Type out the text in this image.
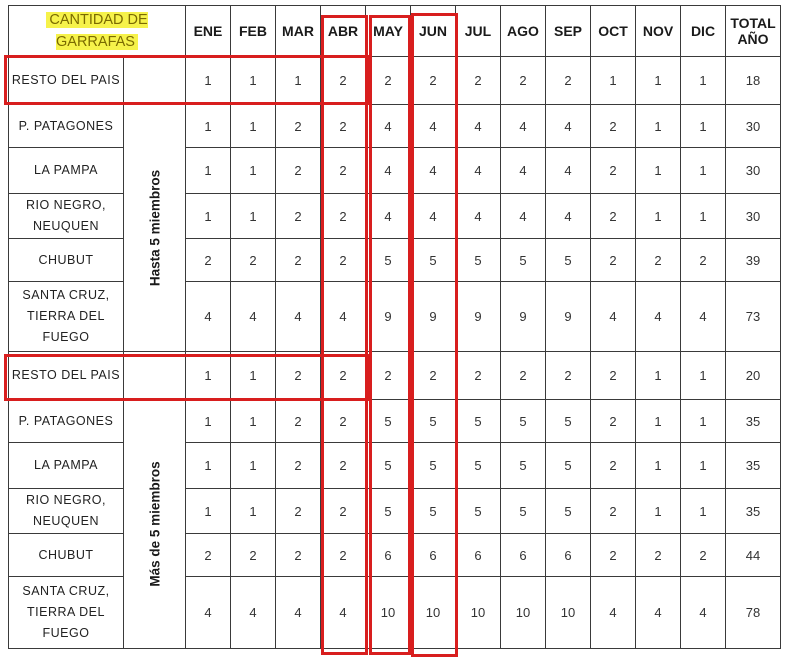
CANTIDAD DE GARRAFAS		ENE	FEB	MAR	ABR	MAY	JUN	JUL	AGO	SEP	OCT	NOV	DIC	TOTAL AÑO
RESTO DEL PAIS		1	1	1	2	2	2	2	2	2	1	1	1	18
P. PATAGONES	Hasta 5 miembros	1	1	2	2	4	4	4	4	4	2	1	1	30
LA PAMPA		1	1	2	2	4	4	4	4	4	2	1	1	30
RIO NEGRO, NEUQUEN		1	1	2	2	4	4	4	4	4	2	1	1	30
CHUBUT		2	2	2	2	5	5	5	5	5	2	2	2	39
SANTA CRUZ, TIERRA DEL FUEGO		4	4	4	4	9	9	9	9	9	4	4	4	73
RESTO DEL PAIS		1	1	2	2	2	2	2	2	2	2	1	1	20
P. PATAGONES	Más de 5 miembros	1	1	2	2	5	5	5	5	5	2	1	1	35
LA PAMPA		1	1	2	2	5	5	5	5	5	2	1	1	35
RIO NEGRO, NEUQUEN		1	1	2	2	5	5	5	5	5	2	1	1	35
CHUBUT		2	2	2	2	6	6	6	6	6	2	2	2	44
SANTA CRUZ, TIERRA DEL FUEGO		4	4	4	4	10	10	10	10	10	4	4	4	78
